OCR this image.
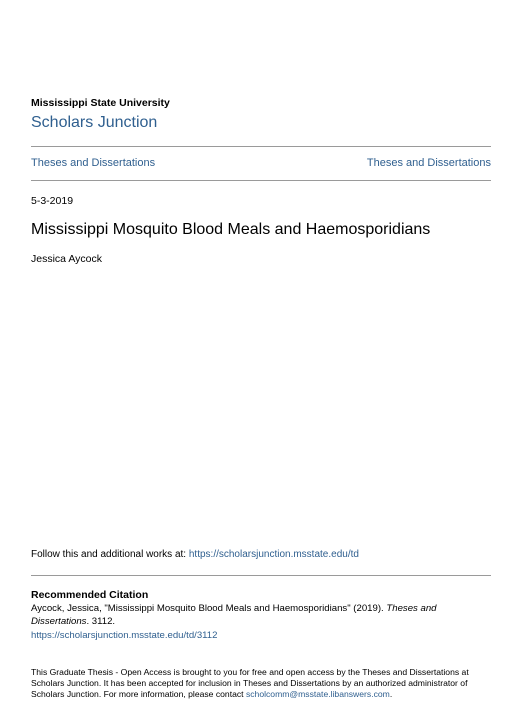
Mississippi State University
Scholars Junction
Theses and Dissertations	Theses and Dissertations
5-3-2019
Mississippi Mosquito Blood Meals and Haemosporidians
Jessica Aycock
Follow this and additional works at: https://scholarsjunction.msstate.edu/td
Recommended Citation
Aycock, Jessica, "Mississippi Mosquito Blood Meals and Haemosporidians" (2019). Theses and
Dissertations. 3112.
https://scholarsjunction.msstate.edu/td/3112
This Graduate Thesis - Open Access is brought to you for free and open access by the Theses and Dissertations at
Scholars Junction. It has been accepted for inclusion in Theses and Dissertations by an authorized administrator of
Scholars Junction. For more information, please contact scholcomm@msstate.libanswers.com.
